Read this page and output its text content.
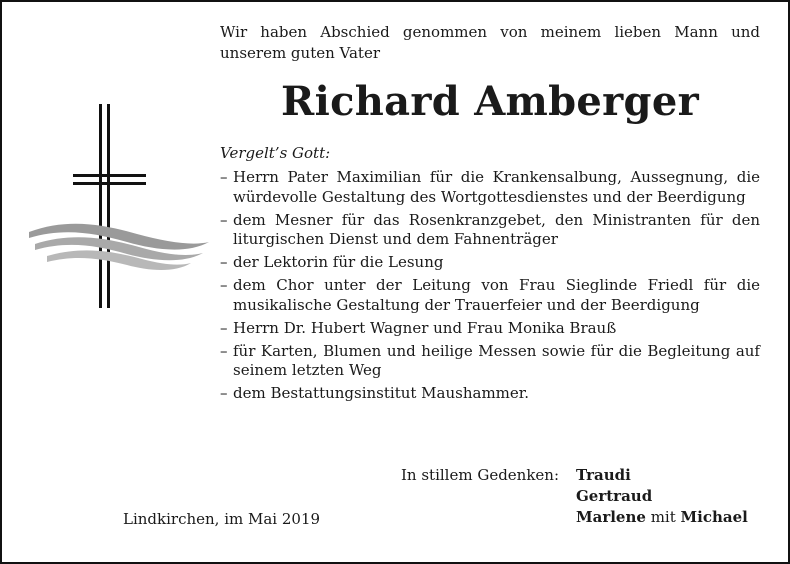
Wir haben Abschied genommen von meinem lieben Mann und unserem guten Vater
Richard Amberger
Vergelt’s Gott:
– Herrn Pater Maximilian für die Krankensalbung, Aussegnung, die würdevolle Gestaltung des Wortgottesdienstes und der Beerdigung
– dem Mesner für das Rosenkranzgebet, den Ministranten für den liturgischen Dienst und dem Fahnenträger
– der Lektorin für die Lesung
– dem Chor unter der Leitung von Frau Sieglinde Friedl für die musikalische Gestaltung der Trauerfeier und der Beerdigung
– Herrn Dr. Hubert Wagner und Frau Monika Brauß
– für Karten, Blumen und heilige Messen sowie für die Begleitung auf seinem letzten Weg
– dem Bestattungsinstitut Maushammer.
In stillem Gedenken: Traudi
Gertraud
Marlene mit Michael
Lindkirchen, im Mai 2019
